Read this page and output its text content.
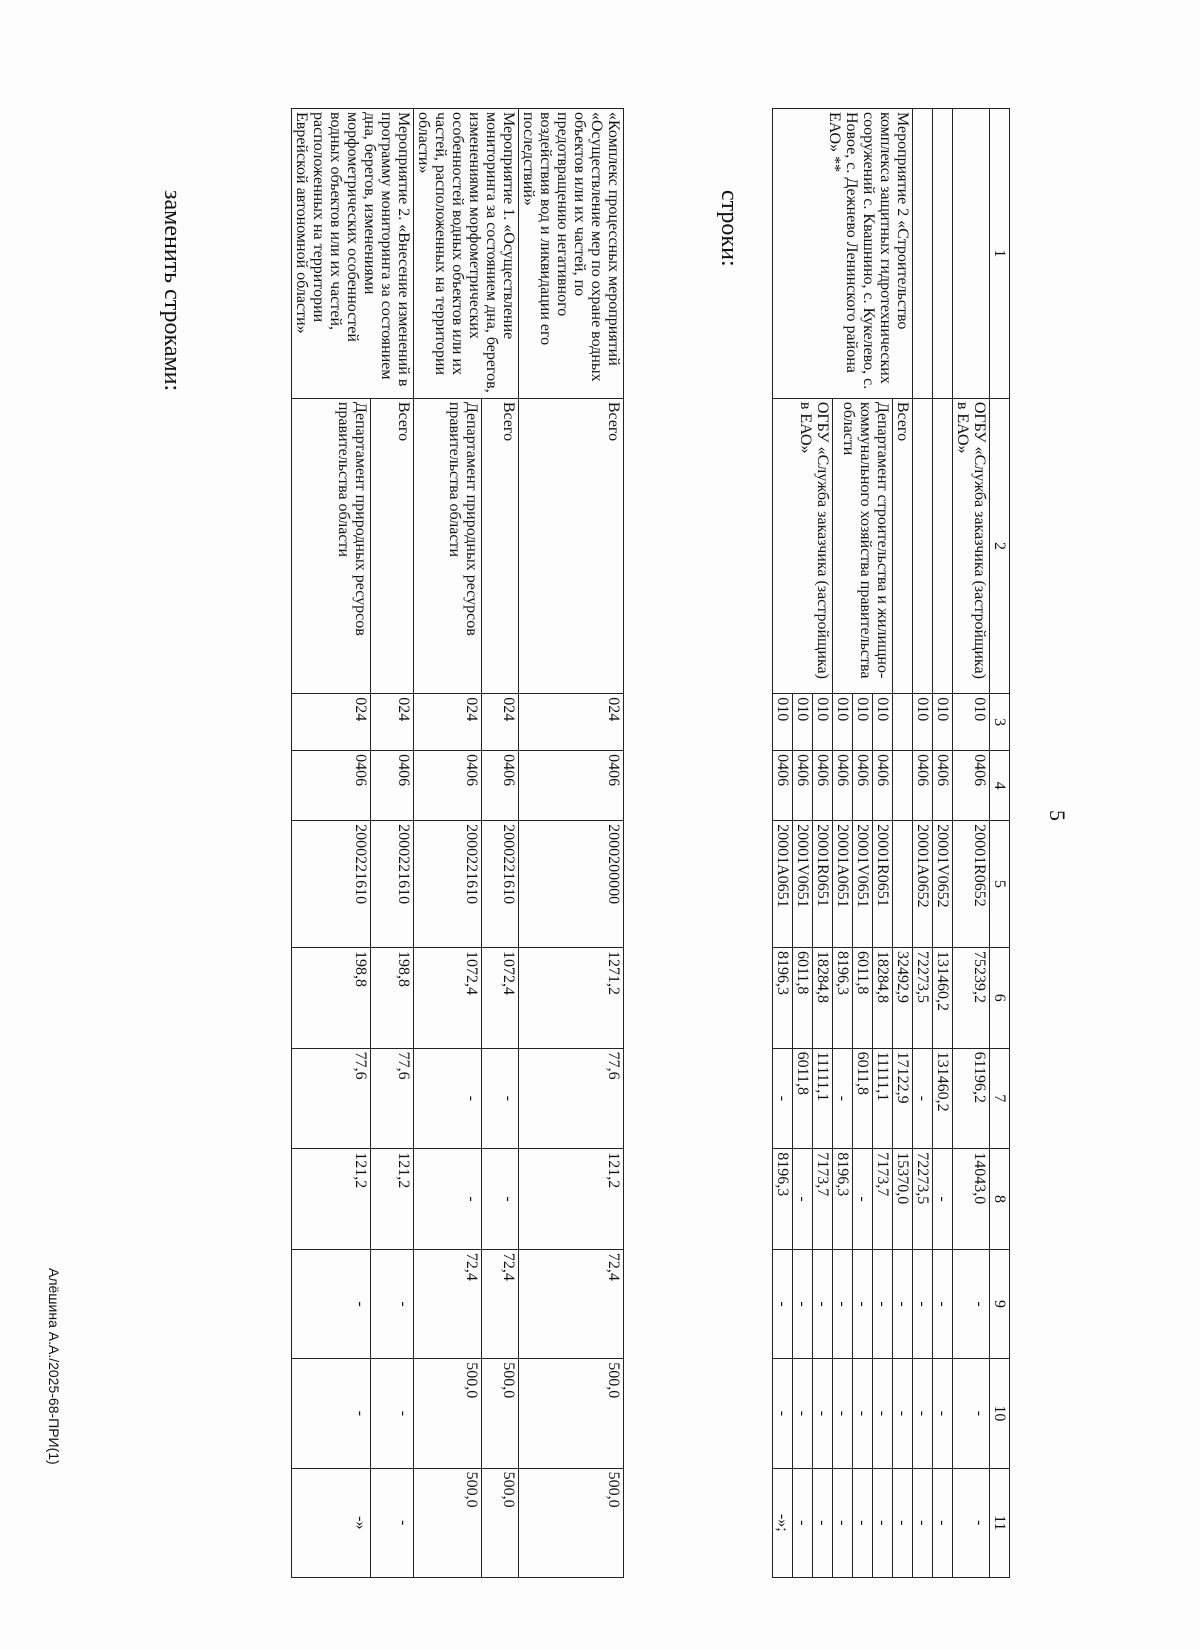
5
1	2	3	4	5	6	7	8	9	10	11
	ОГБУ «Служба заказчика (застройщика) в ЕАО»	010	0406	20001R0652	75239,2	61196,2	14043,0	-	-	-
		010	0406	20001V0652	131460,2	131460,2	-	-	-	-
		010	0406	20001A0652	72273,5	-	72273,5	-	-	-
Мероприятие 2 «Строительство комплекса защитных гидротехнических сооружений с. Квашнино, с. Кукелево, с. Новое, с. Дежнево Ленинского района ЕАО» **	Всего				32492,9	17122,9	15370,0	-	-	-
	Департамент строительства и жилищно-коммунального хозяйства правительства области	010	0406	20001R0651	18284,8	11111,1	7173,7	-	-	-
		010	0406	20001V0651	6011,8	6011,8	-	-	-	-
		010	0406	20001A0651	8196,3	-	8196,3	-	-	-
	ОГБУ «Служба заказчика (застройщика) в ЕАО»	010	0406	20001R0651	18284,8	11111,1	7173,7	-	-	-
		010	0406	20001V0651	6011,8	6011,8	-	-	-	-
		010	0406	20001A0651	8196,3	-	8196,3	-	-	-»;
строки:
«Комплекс процессных мероприятий «Осуществление мер по охране водных объектов или их частей, по предотвращению негативного воздействия вод и ликвидации его последствий»	Всего	024	0406	2000200000	1271,2	77,6	121,2	72,4	500,0	500,0
Мероприятие 1. «Осуществление мониторинга за состоянием дна, берегов, изменениями морфометрических особенностей водных объектов или их частей, расположенных на территории области»	Всего	024	0406	2000221610	1072,4	-	-	72,4	500,0	500,0
	Департамент природных ресурсов правительства области	024	0406	2000221610	1072,4	-	-	72,4	500,0	500,0
Мероприятие 2. «Внесение изменений в программу мониторинга за состоянием дна, берегов, изменениями морфометрических особенностей водных объектов или их частей, расположенных на территории Еврейской автономной области»	Всего	024	0406	2000221610	198,8	77,6	121,2	-	-	-
	Департамент природных ресурсов правительства области	024	0406	2000221610	198,8	77,6	121,2	-	-	-»
заменить строками:
Алёшина А.А./2025-68-ПРИ(1)
